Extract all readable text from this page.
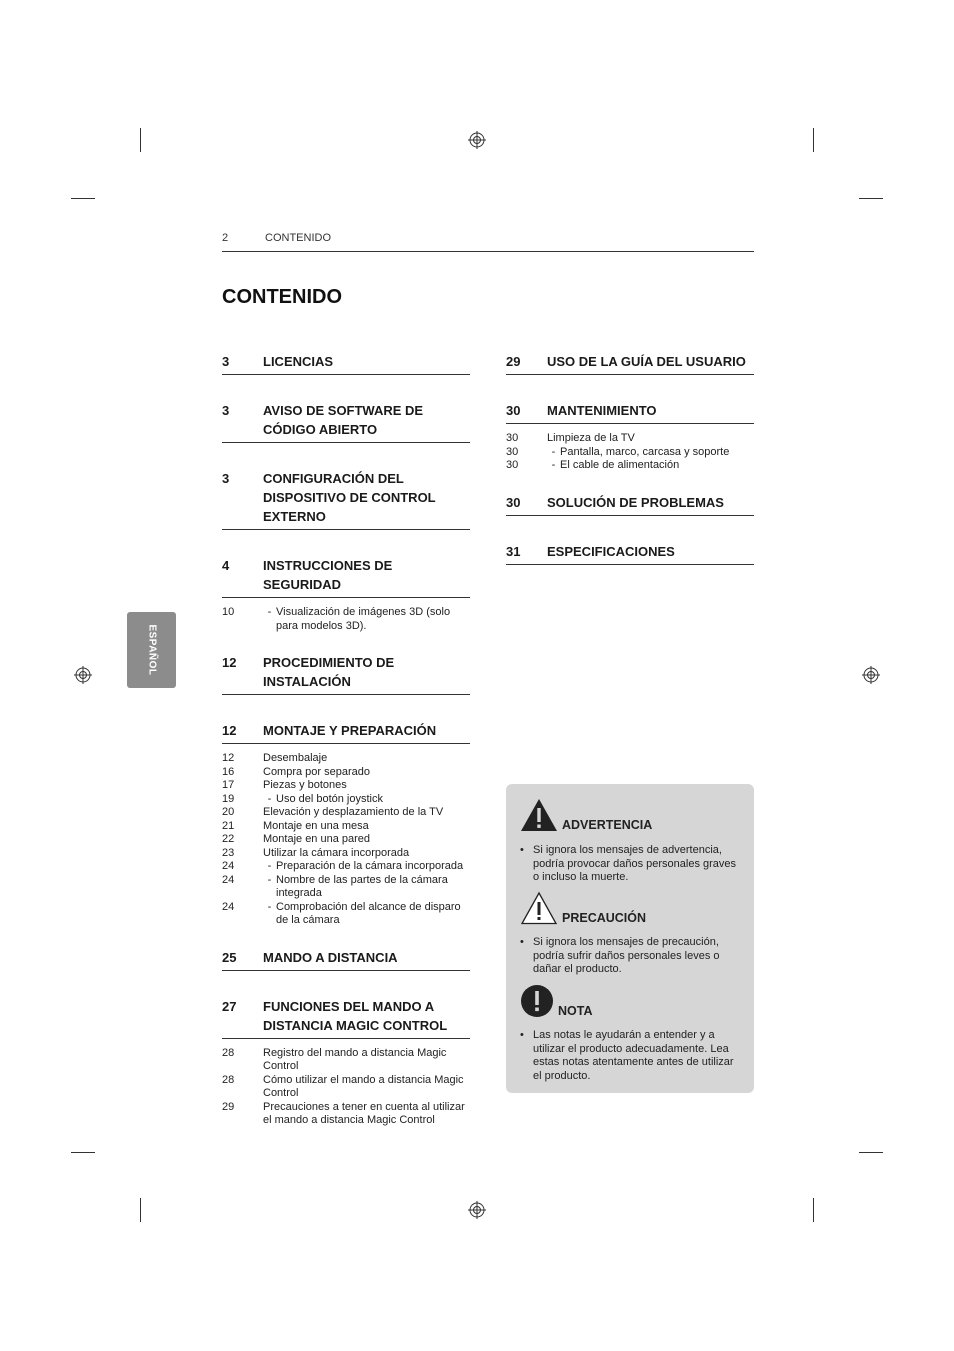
2	CONTENIDO
CONTENIDO
ESPAÑOL
3	LICENCIAS
3	AVISO DE SOFTWARE DE CÓDIGO ABIERTO
3	CONFIGURACIÓN DEL DISPOSITIVO DE CONTROL EXTERNO
4	INSTRUCCIONES DE SEGURIDAD
10	- Visualización de imágenes 3D (solo para modelos 3D).
12	PROCEDIMIENTO DE INSTALACIÓN
12	MONTAJE Y PREPARACIÓN
12	Desembalaje
16	Compra por separado
17	Piezas y botones
19	- Uso del botón joystick
20	Elevación y desplazamiento de la TV
21	Montaje en una mesa
22	Montaje en una pared
23	Utilizar la cámara incorporada
24	- Preparación de la cámara incorporada
24	- Nombre de las partes de la cámara integrada
24	- Comprobación del alcance de disparo de la cámara
25	MANDO A DISTANCIA
27	FUNCIONES DEL MANDO A DISTANCIA MAGIC CONTROL
28	Registro del mando a distancia Magic Control
28	Cómo utilizar el mando a distancia Magic Control
29	Precauciones a tener en cuenta al utilizar el mando a distancia Magic Control
29	USO DE LA GUÍA DEL USUARIO
30	MANTENIMIENTO
30	Limpieza de la TV
30	- Pantalla, marco, carcasa y soporte
30	- El cable de alimentación
30	SOLUCIÓN DE PROBLEMAS
31	ESPECIFICACIONES
ADVERTENCIA
• Si ignora los mensajes de advertencia, podría provocar daños personales graves o incluso la muerte.
PRECAUCIÓN
• Si ignora los mensajes de precaución, podría sufrir daños personales leves o dañar el producto.
NOTA
• Las notas le ayudarán a entender y a utilizar el producto adecuadamente. Lea estas notas atentamente antes de utilizar el producto.
